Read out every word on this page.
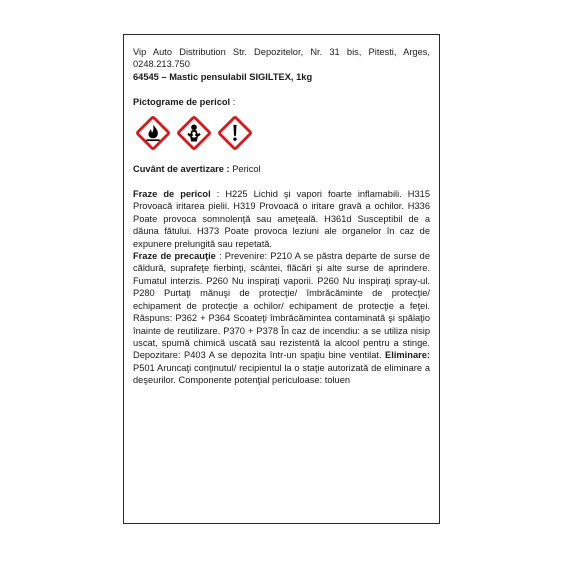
Vip Auto Distribution Str. Depozitelor, Nr. 31 bis, Pitesti, Arges, 0248.213.750
64545 – Mastic pensulabil SIGILTEX, 1kg
Pictograme de pericol :
Cuvânt de avertizare : Pericol

Fraze de pericol : H225 Lichid şi vapori foarte inflamabili. H315 Provoacă iritarea pielii. H319 Provoacă o iritare gravă a ochilor. H336 Poate provoca somnolenţă sau ameţeală. H361d Susceptibil de a dăuna fătului. H373 Poate provoca leziuni ale organelor în caz de expunere prelungită sau repetată.

Fraze de precauţie : Prevenire: P210 A se păstra departe de surse de căldură, suprafeţe fierbinţi, scântei, flăcări şi alte surse de aprindere. Fumatul interzis. P260 Nu inspiraţi vaporii. P260 Nu inspiraţi spray-ul. P280 Purtaţi mănuşi de protecţie/ îmbrăcăminte de protecţie/ echipament de protecţie a ochilor/ echipament de protecţie a feţei. Răspuns: P362 + P364 Scoateţi îmbrăcămintea contaminată şi spălaţio înainte de reutilizare. P370 + P378 În caz de incendiu: a se utiliza nisip uscat, spumă chimică uscată sau rezistentă la alcool pentru a stinge. Depozitare: P403 A se depozita într-un spaţiu bine ventilat. Eliminare: P501 Aruncaţi conţinutul/ recipientul la o staţie autorizată de eliminare a deşeurilor. Componente potenţial periculoase: toluen
